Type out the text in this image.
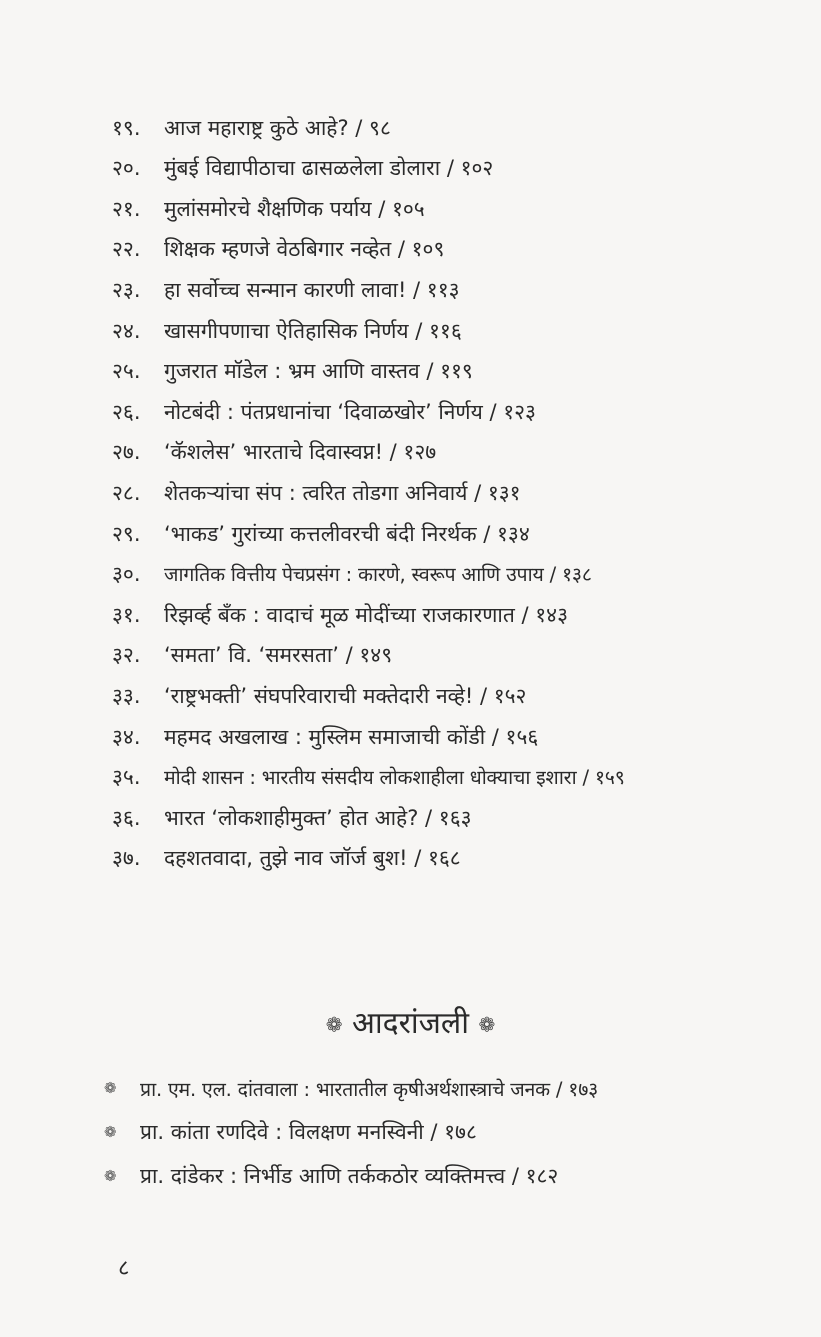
१९.	आज महाराष्ट्र कुठे आहे? / ९८
२०.	मुंबई विद्यापीठाचा ढासळलेला डोलारा / १०२
२१.	मुलांसमोरचे शैक्षणिक पर्याय / १०५
२२.	शिक्षक म्हणजे वेठबिगार नव्हेत / १०९
२३.	हा सर्वोच्च सन्मान कारणी लावा! / ११३
२४.	खासगीपणाचा ऐतिहासिक निर्णय / ११६
२५.	गुजरात मॉडेल : भ्रम आणि वास्तव / ११९
२६.	नोटबंदी : पंतप्रधानांचा ‘दिवाळखोर’ निर्णय / १२३
२७.	‘कॅशलेस’ भारताचे दिवास्वप्न! / १२७
२८.	शेतकऱ्यांचा संप : त्वरित तोडगा अनिवार्य / १३१
२९.	‘भाकड’ गुरांच्या कत्तलीवरची बंदी निरर्थक / १३४
३०.	जागतिक वित्तीय पेचप्रसंग : कारणे, स्वरूप आणि उपाय / १३८
३१.	रिझर्व्ह बँक : वादाचं मूळ मोदींच्या राजकारणात / १४३
३२.	‘समता’ वि. ‘समरसता’ / १४९
३३.	‘राष्ट्रभक्ती’ संघपरिवाराची मक्तेदारी नव्हे! / १५२
३४.	महमद अखलाख : मुस्लिम समाजाची कोंडी / १५६
३५.	मोदी शासन : भारतीय संसदीय लोकशाहीला धोक्याचा इशारा / १५९
३६.	भारत ‘लोकशाहीमुक्त’ होत आहे? / १६३
३७.	दहशतवादा, तुझे नाव जॉर्ज बुश! / १६८
❁ आदरांजली ❁
❁	प्रा. एम. एल. दांतवाला : भारतातील कृषीअर्थशास्त्राचे जनक / १७३
❁	प्रा. कांता रणदिवे : विलक्षण मनस्विनी / १७८
❁	प्रा. दांडेकर : निर्भीड आणि तर्ककठोर व्यक्तिमत्त्व / १८२
८
